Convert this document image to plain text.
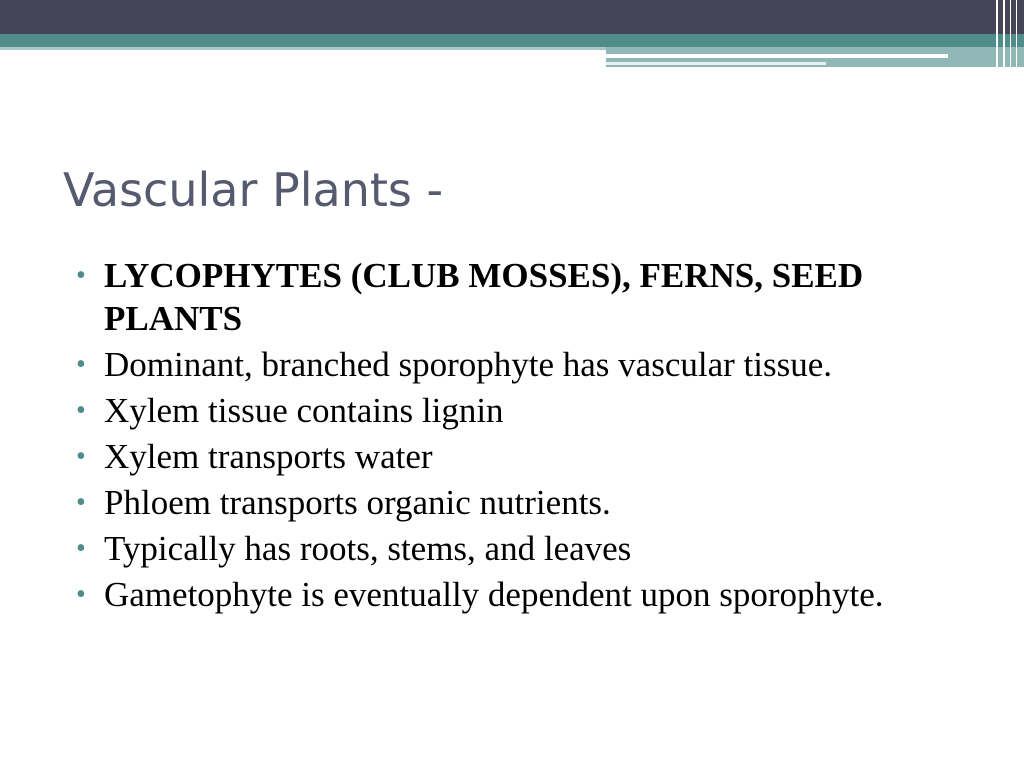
Vascular Plants -
• LYCOPHYTES (CLUB MOSSES), FERNS, SEED PLANTS
• Dominant, branched sporophyte has vascular tissue.
• Xylem tissue contains lignin
• Xylem transports water
• Phloem transports organic nutrients.
• Typically has roots, stems, and leaves
• Gametophyte is eventually dependent upon sporophyte.
